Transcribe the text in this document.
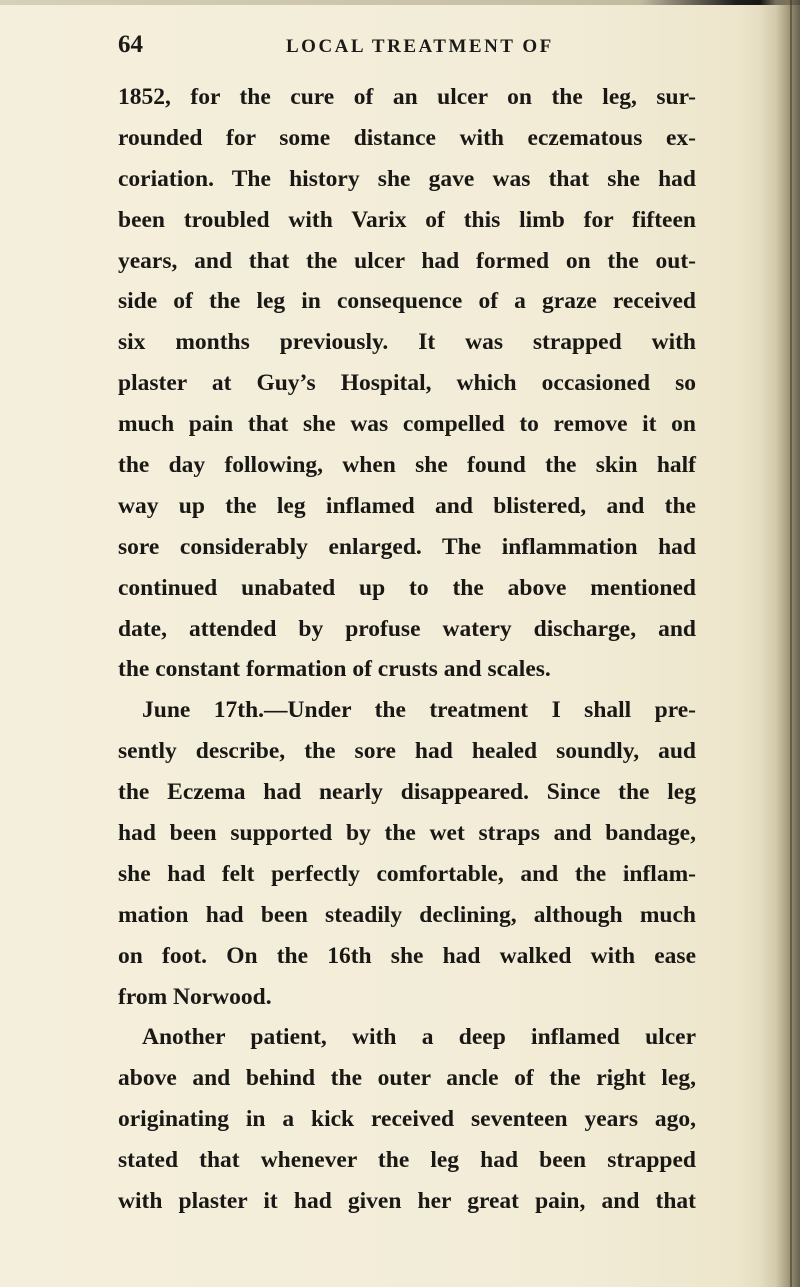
64	LOCAL TREATMENT OF
1852, for the cure of an ulcer on the leg, sur-
rounded for some distance with eczematous ex-
coriation. The history she gave was that she had
been troubled with Varix of this limb for fifteen
years, and that the ulcer had formed on the out-
side of the leg in consequence of a graze received
six months previously. It was strapped with
plaster at Guy’s Hospital, which occasioned so
much pain that she was compelled to remove it on
the day following, when she found the skin half
way up the leg inflamed and blistered, and the
sore considerably enlarged. The inflammation had
continued unabated up to the above mentioned
date, attended by profuse watery discharge, and
the constant formation of crusts and scales.
June 17th.—Under the treatment I shall pre-
sently describe, the sore had healed soundly, aud
the Eczema had nearly disappeared. Since the leg
had been supported by the wet straps and bandage,
she had felt perfectly comfortable, and the inflam-
mation had been steadily declining, although much
on foot. On the 16th she had walked with ease
from Norwood.
Another patient, with a deep inflamed ulcer
above and behind the outer ancle of the right leg,
originating in a kick received seventeen years ago,
stated that whenever the leg had been strapped
with plaster it had given her great pain, and that
